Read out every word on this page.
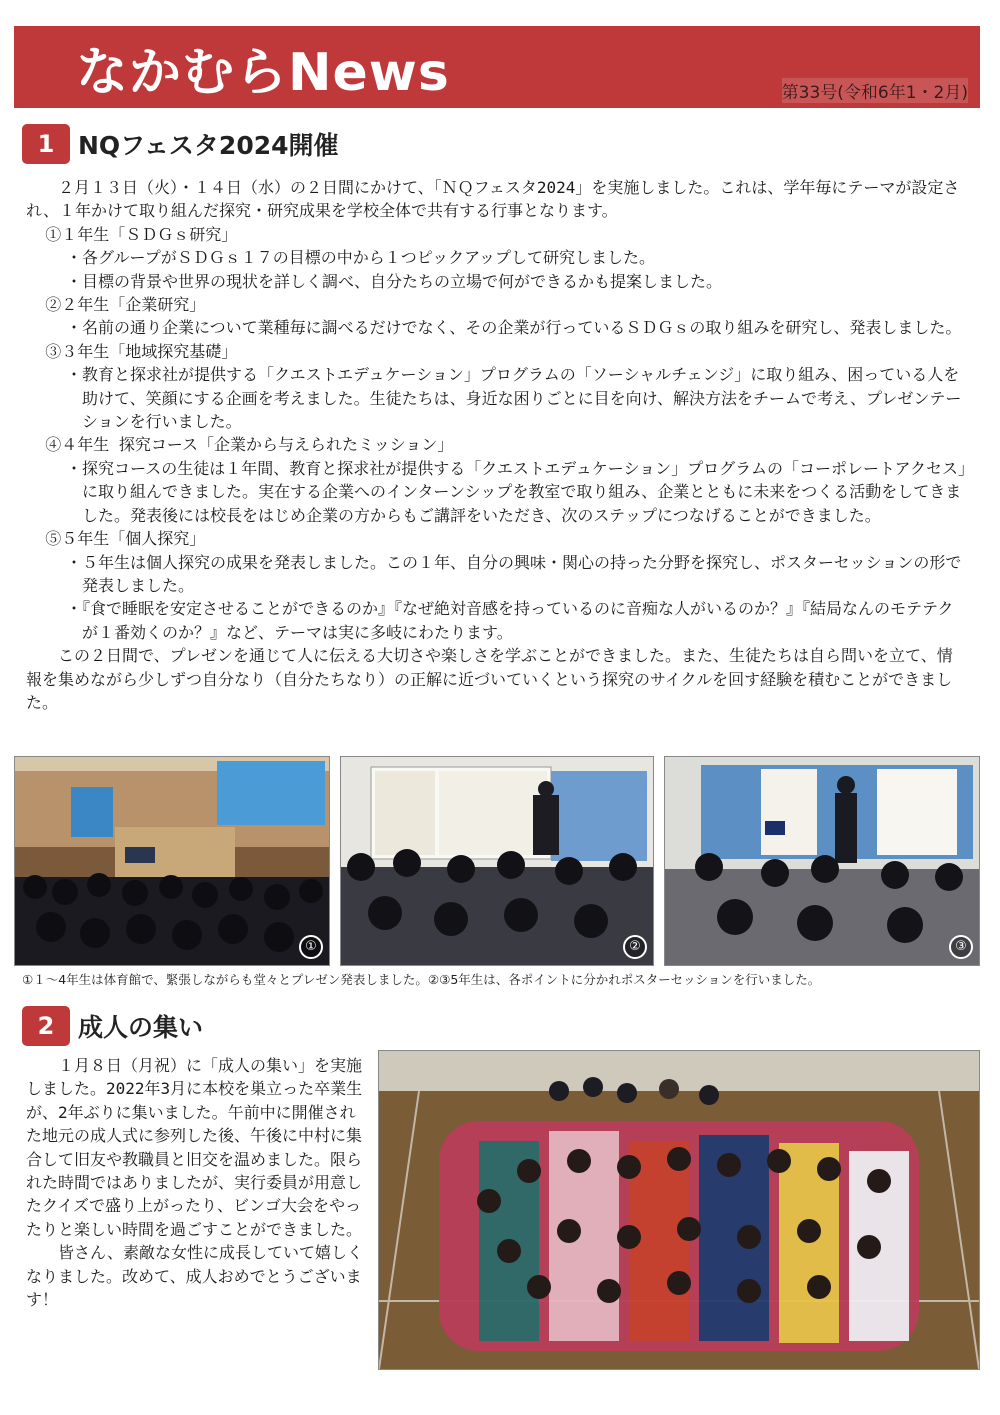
なかむらNews	第33号(令和6年1・2月)
1 NQフェスタ2024開催

２月１３日（火）・１４日（水）の２日間にかけて、「ＮＱフェスタ2024」を実施しました。これは、学年毎にテーマが設定され、１年かけて取り組んだ探究・研究成果を学校全体で共有する行事となります。

①１年生「ＳＤＧｓ研究」

・各グループがＳＤＧｓ１７の目標の中から１つピックアップして研究しました。

・目標の背景や世界の現状を詳しく調べ、自分たちの立場で何ができるかも提案しました。

②２年生「企業研究」

・名前の通り企業について業種毎に調べるだけでなく、その企業が行っているＳＤＧｓの取り組みを研究し、発表しました。

③３年生「地域探究基礎」

・教育と探求社が提供する「クエストエデュケーション」プログラムの「ソーシャルチェンジ」に取り組み、困っている人を助けて、笑顔にする企画を考えました。生徒たちは、身近な困りごとに目を向け、解決方法をチームで考え、プレゼンテーションを行いました。

④４年生 探究コース「企業から与えられたミッション」

・探究コースの生徒は１年間、教育と探求社が提供する「クエストエデュケーション」プログラムの「コーポレートアクセス」に取り組んできました。実在する企業へのインターンシップを教室で取り組み、企業とともに未来をつくる活動をしてきました。発表後には校長をはじめ企業の方からもご講評をいただき、次のステップにつなげることができました。

⑤５年生「個人探究」

・５年生は個人探究の成果を発表しました。この１年、自分の興味・関心の持った分野を探究し、ポスターセッションの形で発表しました。

・『食で睡眠を安定させることができるのか』『なぜ絶対音感を持っているのに音痴な人がいるのか？』『結局なんのモテテクが１番効くのか？』など、テーマは実に多岐にわたります。

この２日間で、プレゼンを通じて人に伝える大切さや楽しさを学ぶことができました。また、生徒たちは自ら問いを立て、情報を集めながら少しずつ自分なり（自分たちなり）の正解に近づいていくという探究のサイクルを回す経験を積むことができました。

①	②	③
①１～4年生は体育館で、緊張しながらも堂々とプレゼン発表しました。②③5年生は、各ポイントに分かれポスターセッションを行いました。
2 成人の集い

１月８日（月祝）に「成人の集い」を実施しました。2022年3月に本校を巣立った卒業生が、2年ぶりに集いました。午前中に開催された地元の成人式に参列した後、午後に中村に集合して旧友や教職員と旧交を温めました。限られた時間ではありましたが、実行委員が用意したクイズで盛り上がったり、ビンゴ大会をやったりと楽しい時間を過ごすことができました。

皆さん、素敵な女性に成長していて嬉しくなりました。改めて、成人おめでとうございます！
